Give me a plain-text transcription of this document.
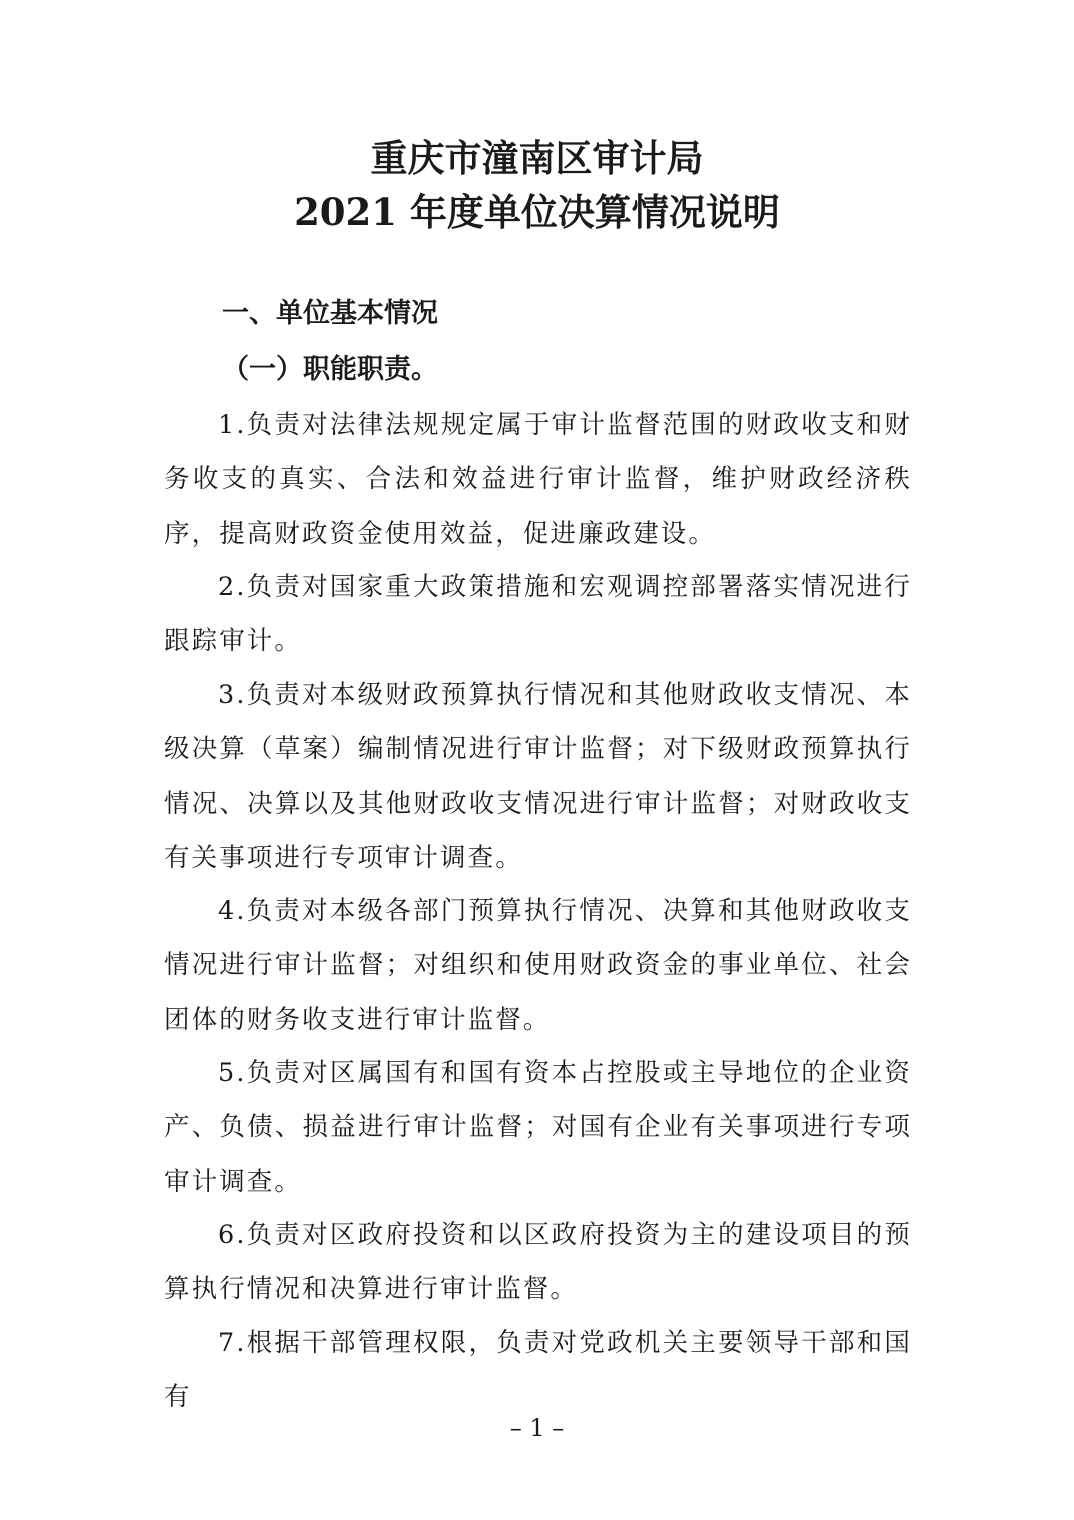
重庆市潼南区审计局
2021 年度单位决算情况说明
一、单位基本情况
（一）职能职责。

1.负责对法律法规规定属于审计监督范围的财政收支和财务收支的真实、合法和效益进行审计监督，维护财政经济秩序，提高财政资金使用效益，促进廉政建设。

2.负责对国家重大政策措施和宏观调控部署落实情况进行跟踪审计。

3.负责对本级财政预算执行情况和其他财政收支情况、本级决算（草案）编制情况进行审计监督；对下级财政预算执行情况、决算以及其他财政收支情况进行审计监督；对财政收支有关事项进行专项审计调查。

4.负责对本级各部门预算执行情况、决算和其他财政收支情况进行审计监督；对组织和使用财政资金的事业单位、社会团体的财务收支进行审计监督。

5.负责对区属国有和国有资本占控股或主导地位的企业资产、负债、损益进行审计监督；对国有企业有关事项进行专项审计调查。

6.负责对区政府投资和以区政府投资为主的建设项目的预算执行情况和决算进行审计监督。

7.根据干部管理权限，负责对党政机关主要领导干部和国有

– 1 –
